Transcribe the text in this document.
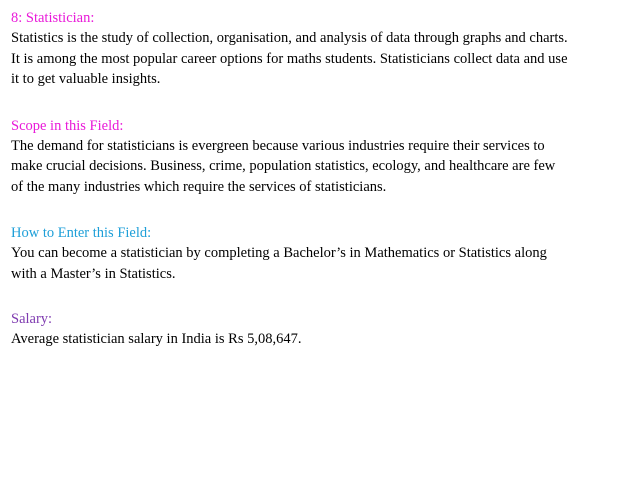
8: Statistician:

Statistics is the study of collection, organisation, and analysis of data through graphs and charts.

It is among the most popular career options for maths students. Statisticians collect data and use

it to get valuable insights.

Scope in this Field:

The demand for statisticians is evergreen because various industries require their services to

make crucial decisions. Business, crime, population statistics, ecology, and healthcare are few

of the many industries which require the services of statisticians.

How to Enter this Field:

You can become a statistician by completing a Bachelor’s in Mathematics or Statistics along

with a Master’s in Statistics.

Salary:

Average statistician salary in India is Rs 5,08,647.
